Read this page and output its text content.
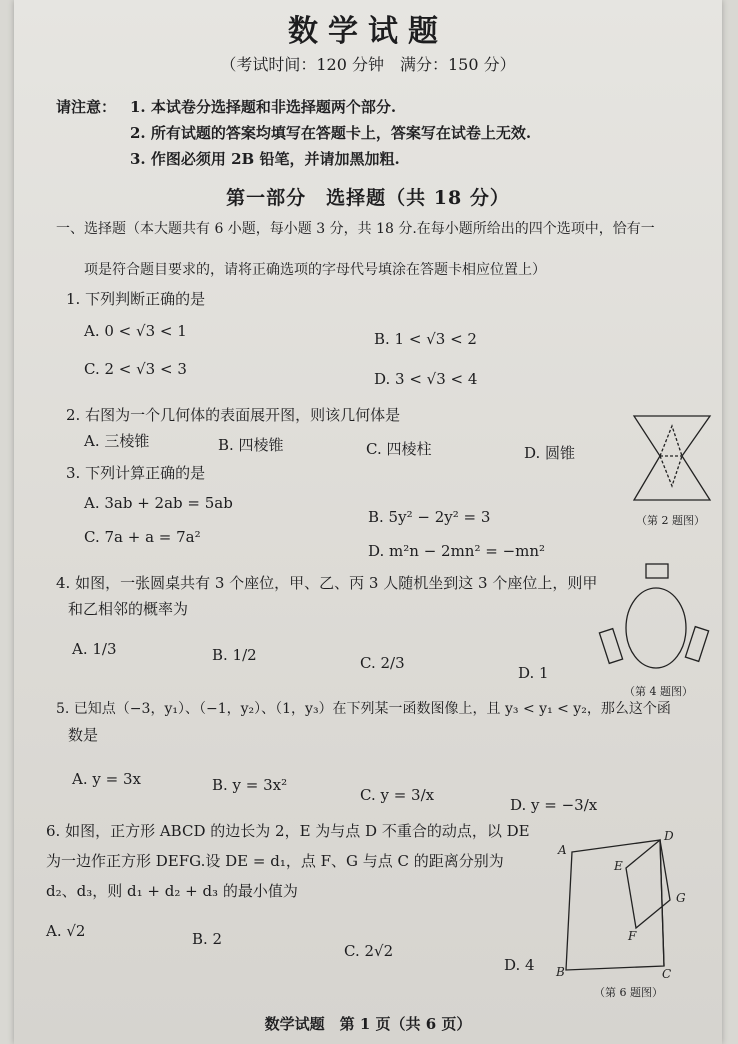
数学试题
（考试时间：120 分钟　满分：150 分）
请注意： 1. 本试卷分选择题和非选择题两个部分.
2. 所有试题的答案均填写在答题卡上，答案写在试卷上无效.
3. 作图必须用 2B 铅笔，并请加黑加粗.
第一部分　选择题（共 18 分）
一、选择题（本大题共有 6 小题，每小题 3 分，共 18 分.在每小题所给出的四个选项中，恰有一
项是符合题目要求的，请将正确选项的字母代号填涂在答题卡相应位置上）
1. 下列判断正确的是
A. 0 < √3 < 1	B. 1 < √3 < 2
C. 2 < √3 < 3
D. 3 < √3 < 4
2. 右图为一个几何体的表面展开图，则该几何体是
A. 三棱锥	B. 四棱锥	C. 四棱柱	D. 圆锥
（第 2 题图）
3. 下列计算正确的是
A. 3ab + 2ab = 5ab
B. 5y² − 2y² = 3
C. 7a + a = 7a²
D. m²n − 2mn² = −mn²
4. 如图，一张圆桌共有 3 个座位，甲、乙、丙 3 人随机坐到这 3 个座位上，则甲
和乙相邻的概率为
A. 1/3	B. 1/2	C. 2/3
D. 1
（第 4 题图）
5. 已知点（−3，y₁）、（−1，y₂）、（1，y₃）在下列某一函数图像上，且 y₃ < y₁ < y₂，那么这个函
数是
A. y = 3x	B. y = 3x²
C. y = 3/x
D. y = −3/x
6. 如图，正方形 ABCD 的边长为 2，E 为与点 D 不重合的动点，以 DE
为一边作正方形 DEFG.设 DE = d₁，点 F、G 与点 C 的距离分别为
d₂、d₃，则 d₁ + d₂ + d₃ 的最小值为
A. √2	B. 2
C. 2√2
D. 4
A
B	C
D
E
F
G
（第 6 题图）
数学试题　第 1 页（共 6 页）
